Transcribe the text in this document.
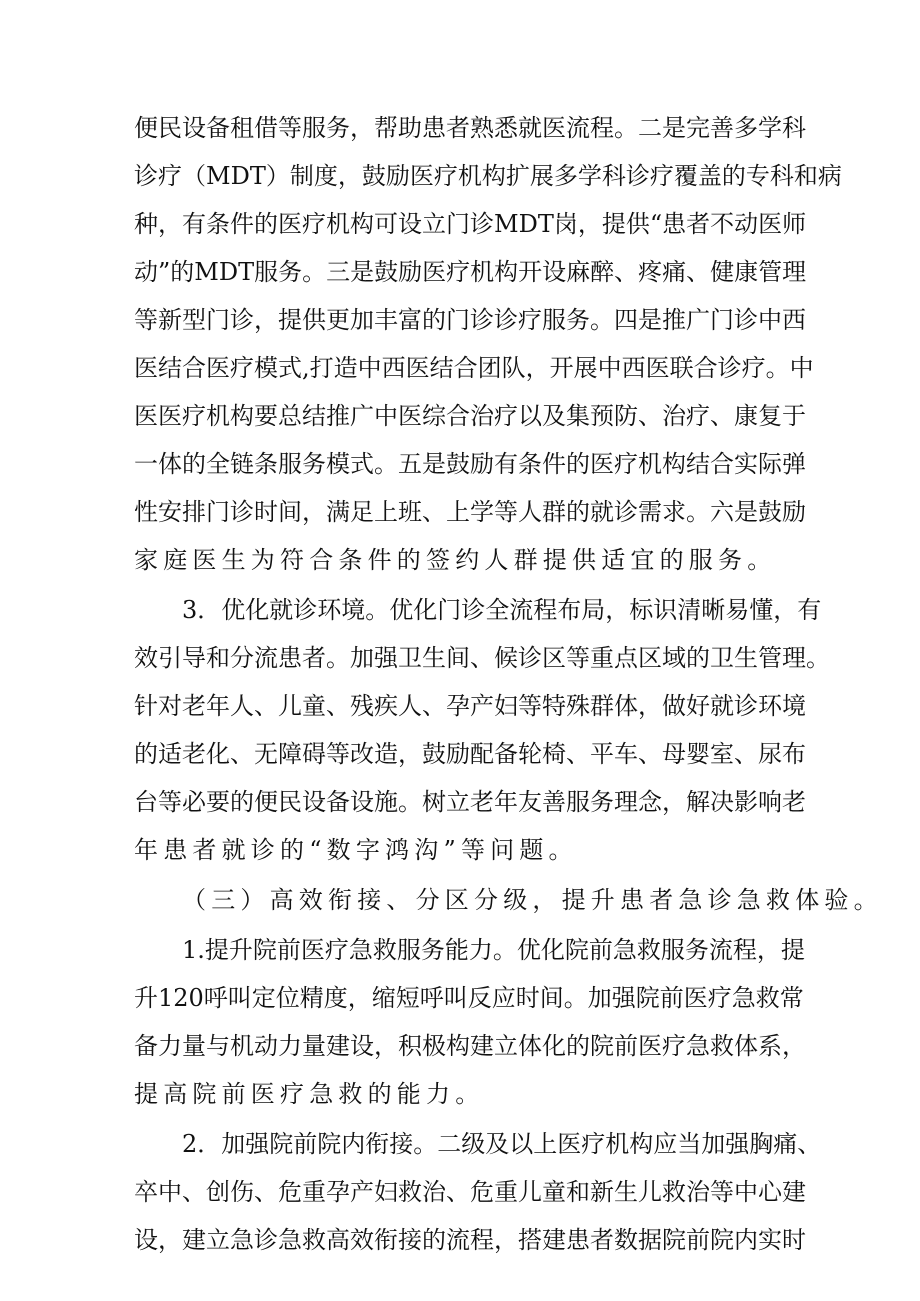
便民设备租借等服务，帮助患者熟悉就医流程。二是完善多学科
诊疗（MDT）制度，鼓励医疗机构扩展多学科诊疗覆盖的专科和病
种，有条件的医疗机构可设立门诊MDT岗，提供“患者不动医师
动”的MDT服务。三是鼓励医疗机构开设麻醉、疼痛、健康管理
等新型门诊，提供更加丰富的门诊诊疗服务。四是推广门诊中西
医结合医疗模式,打造中西医结合团队，开展中西医联合诊疗。中
医医疗机构要总结推广中医综合治疗以及集预防、治疗、康复于
一体的全链条服务模式。五是鼓励有条件的医疗机构结合实际弹
性安排门诊时间，满足上班、上学等人群的就诊需求。六是鼓励
家庭医生为符合条件的签约人群提供适宜的服务。
3．优化就诊环境。优化门诊全流程布局，标识清晰易懂，有
效引导和分流患者。加强卫生间、候诊区等重点区域的卫生管理。
针对老年人、儿童、残疾人、孕产妇等特殊群体，做好就诊环境
的适老化、无障碍等改造，鼓励配备轮椅、平车、母婴室、尿布
台等必要的便民设备设施。树立老年友善服务理念，解决影响老
年患者就诊的“数字鸿沟”等问题。
（三）高效衔接、分区分级，提升患者急诊急救体验。
1.提升院前医疗急救服务能力。优化院前急救服务流程，提
升120呼叫定位精度，缩短呼叫反应时间。加强院前医疗急救常
备力量与机动力量建设，积极构建立体化的院前医疗急救体系，
提高院前医疗急救的能力。
2．加强院前院内衔接。二级及以上医疗机构应当加强胸痛、
卒中、创伤、危重孕产妇救治、危重儿童和新生儿救治等中心建
设，建立急诊急救高效衔接的流程，搭建患者数据院前院内实时
